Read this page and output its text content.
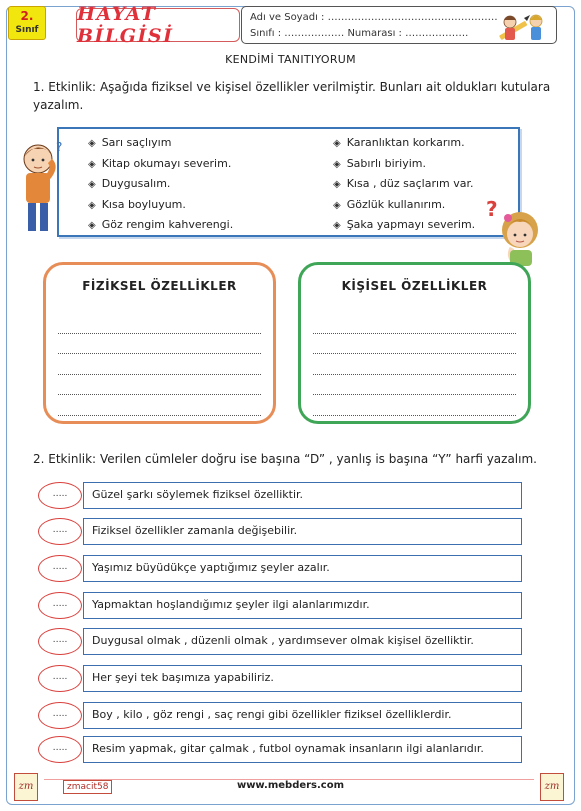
2.
Sınıf
HAYAT BİLGİSİ
Adı ve Soyadı : ……………………………………………
Sınıfı : ……………… Numarası : ……………….
KENDİMİ TANITIYORUM
1. Etkinlik: Aşağıda fiziksel ve kişisel özellikler verilmiştir. Bunları ait oldukları kutulara yazalım.
?	◈ Sarı saçlıyım
◈ Kitap okumayı severim.
◈ Duygusalım.
◈ Kısa boyluyum.
◈ Göz rengim kahverengi.
◈ Karanlıktan korkarım.
◈ Sabırlı biriyim.
◈ Kısa , düz saçlarım var.
◈ Gözlük kullanırım.
◈ Şaka yapmayı severim.
?
FİZİKSEL ÖZELLİKLER	KİŞİSEL ÖZELLİKLER
2. Etkinlik: Verilen cümleler doğru ise başına “D” , yanlış is başına “Y” harfi yazalım.
…..	Güzel şarkı söylemek fiziksel özelliktir.
…..	Fiziksel özellikler zamanla değişebilir.
…..	Yaşımız büyüdükçe yaptığımız şeyler azalır.
…..	Yapmaktan hoşlandığımız şeyler ilgi alanlarımızdır.
…..	Duygusal olmak , düzenli olmak , yardımsever olmak kişisel özelliktir.
…..	Her şeyi tek başımıza yapabiliriz.
…..	Boy , kilo , göz rengi , saç rengi gibi özellikler fiziksel özelliklerdir.
…..	Resim yapmak, gitar çalmak , futbol oynamak insanların ilgi alanlarıdır.
zm	zmacit58	www.mebders.com	zm
